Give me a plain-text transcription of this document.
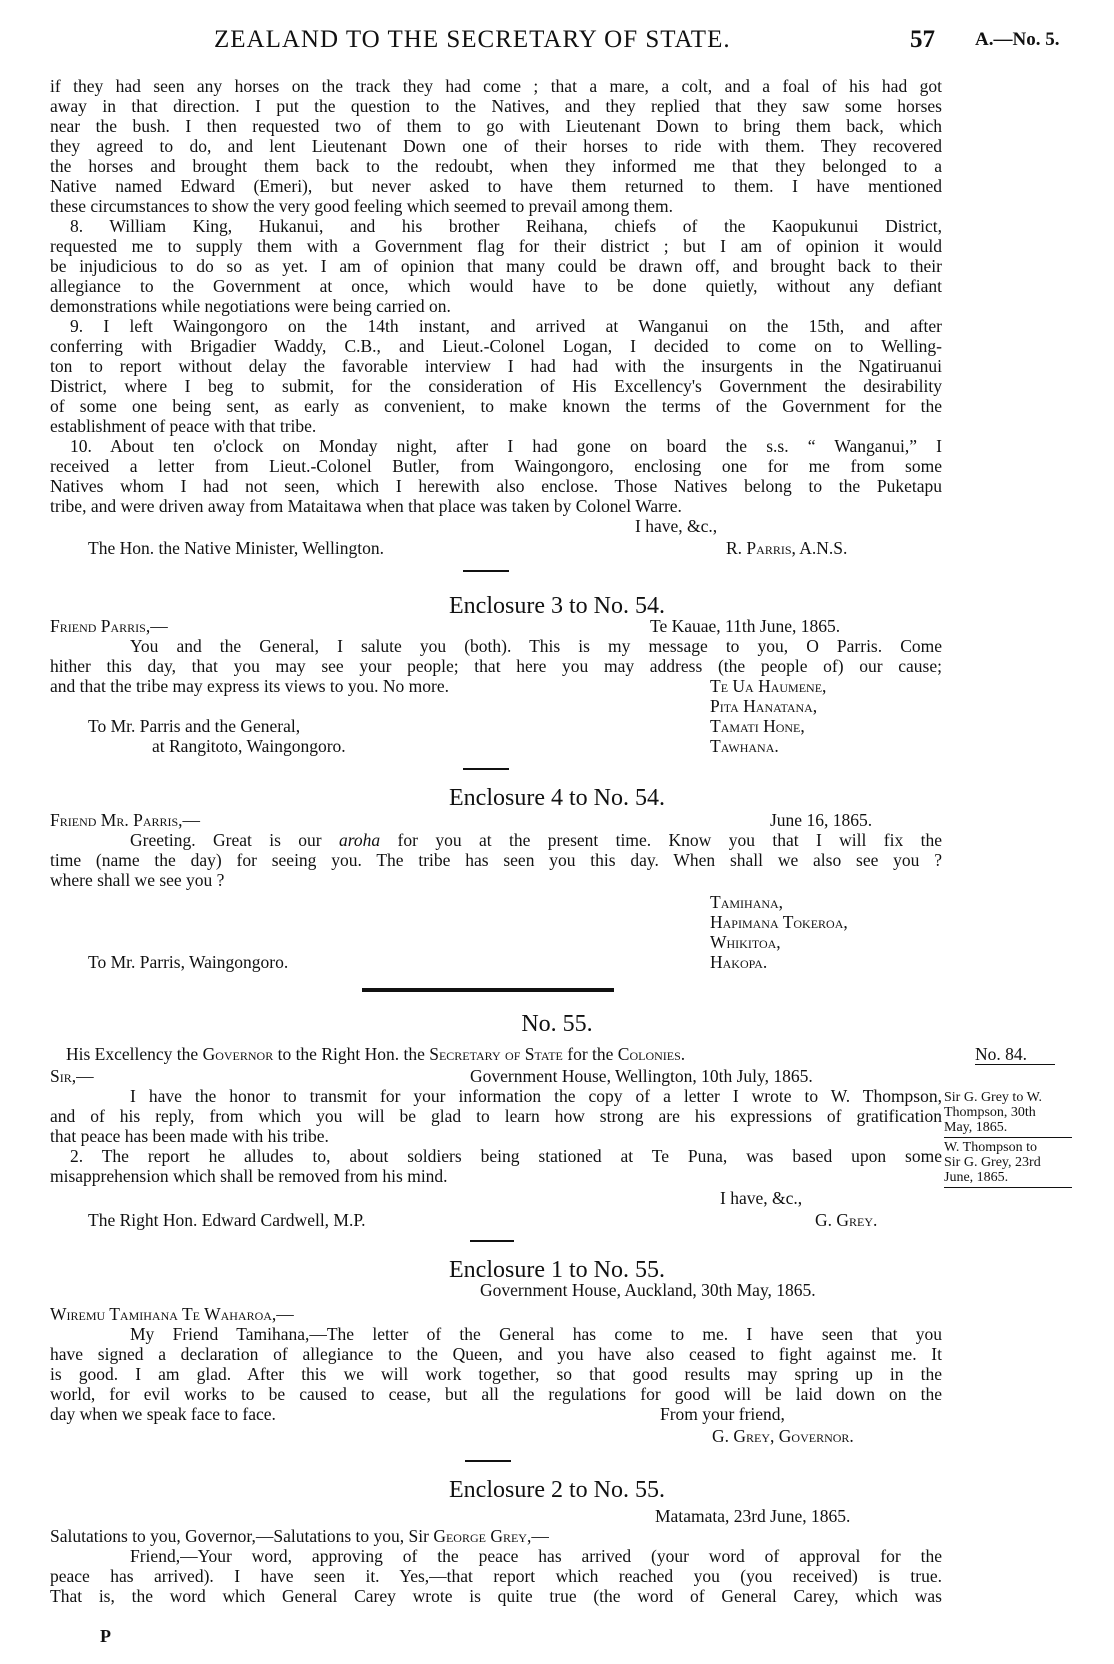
ZEALAND TO THE SECRETARY OF STATE.	57 A.—No. 5.
if they had seen any horses on the track they had come ; that a mare, a colt, and a foal of his had got
away in that direction. I put the question to the Natives, and they replied that they saw some horses
near the bush. I then requested two of them to go with Lieutenant Down to bring them back, which
they agreed to do, and lent Lieutenant Down one of their horses to ride with them. They recovered
the horses and brought them back to the redoubt, when they informed me that they belonged to a
Native named Edward (Emeri), but never asked to have them returned to them. I have mentioned
these circumstances to show the very good feeling which seemed to prevail among them.
8. William King, Hukanui, and his brother Reihana, chiefs of the Kaopukunui District,
requested me to supply them with a Government flag for their district ; but I am of opinion it would
be injudicious to do so as yet. I am of opinion that many could be drawn off, and brought back to their
allegiance to the Government at once, which would have to be done quietly, without any defiant
demonstrations while negotiations were being carried on.
9. I left Waingongoro on the 14th instant, and arrived at Wanganui on the 15th, and after
conferring with Brigadier Waddy, C.B., and Lieut.-Colonel Logan, I decided to come on to Welling-
ton to report without delay the favorable interview I had had with the insurgents in the Ngatiruanui
District, where I beg to submit, for the consideration of His Excellency's Government the desirability
of some one being sent, as early as convenient, to make known the terms of the Government for the
establishment of peace with that tribe.
10. About ten o'clock on Monday night, after I had gone on board the s.s. “ Wanganui,” I
received a letter from Lieut.-Colonel Butler, from Waingongoro, enclosing one for me from some
Natives whom I had not seen, which I herewith also enclose. Those Natives belong to the Puketapu
tribe, and were driven away from Mataitawa when that place was taken by Colonel Warre.
I have, &c.,
The Hon. the Native Minister, Wellington.	R. Parris, A.N.S.
Enclosure 3 to No. 54.
Friend Parris,—	Te Kauae, 11th June, 1865.
You and the General, I salute you (both). This is my message to you, O Parris. Come
hither this day, that you may see your people; that here you may address (the people of) our cause;
and that the tribe may express its views to you. No more.	Te Ua Haumene,
Pita Hanatana,
To Mr. Parris and the General,	Tamati Hone,
at Rangitoto, Waingongoro.	Tawhana.
Enclosure 4 to No. 54.
Friend Mr. Parris,—	June 16, 1865.
Greeting. Great is our aroha for you at the present time. Know you that I will fix the
time (name the day) for seeing you. The tribe has seen you this day. When shall we also see you ?
where shall we see you ?
Tamihana,
Hapimana Tokeroa,
Whikitoa,
To Mr. Parris, Waingongoro.	Hakopa.
No. 55.
His Excellency the Governor to the Right Hon. the Secretary of State for the Colonies.	No. 84.
Sir,—	Government House, Wellington, 10th July, 1865.
I have the honor to transmit for your information the copy of a letter I wrote to W. Thompson,
and of his reply, from which you will be glad to learn how strong are his expressions of gratification
that peace has been made with his tribe.
2. The report he alludes to, about soldiers being stationed at Te Puna, was based upon some
misapprehension which shall be removed from his mind.
I have, &c.,
The Right Hon. Edward Cardwell, M.P.	G. Grey.
Sir G. Grey to W.
Thompson, 30th
May, 1865.
W. Thompson to
Sir G. Grey, 23rd
June, 1865.
Enclosure 1 to No. 55.
Government House, Auckland, 30th May, 1865.
Wiremu Tamihana Te Waharoa,—
My Friend Tamihana,—The letter of the General has come to me. I have seen that you
have signed a declaration of allegiance to the Queen, and you have also ceased to fight against me. It
is good. I am glad. After this we will work together, so that good results may spring up in the
world, for evil works to be caused to cease, but all the regulations for good will be laid down on the
day when we speak face to face.	From your friend,
G. Grey, Governor.
Enclosure 2 to No. 55.
Matamata, 23rd June, 1865.
Salutations to you, Governor,—Salutations to you, Sir George Grey,—
Friend,—Your word, approving of the peace has arrived (your word of approval for the
peace has arrived). I have seen it. Yes,—that report which reached you (you received) is true.
That is, the word which General Carey wrote is quite true (the word of General Carey, which was
P
